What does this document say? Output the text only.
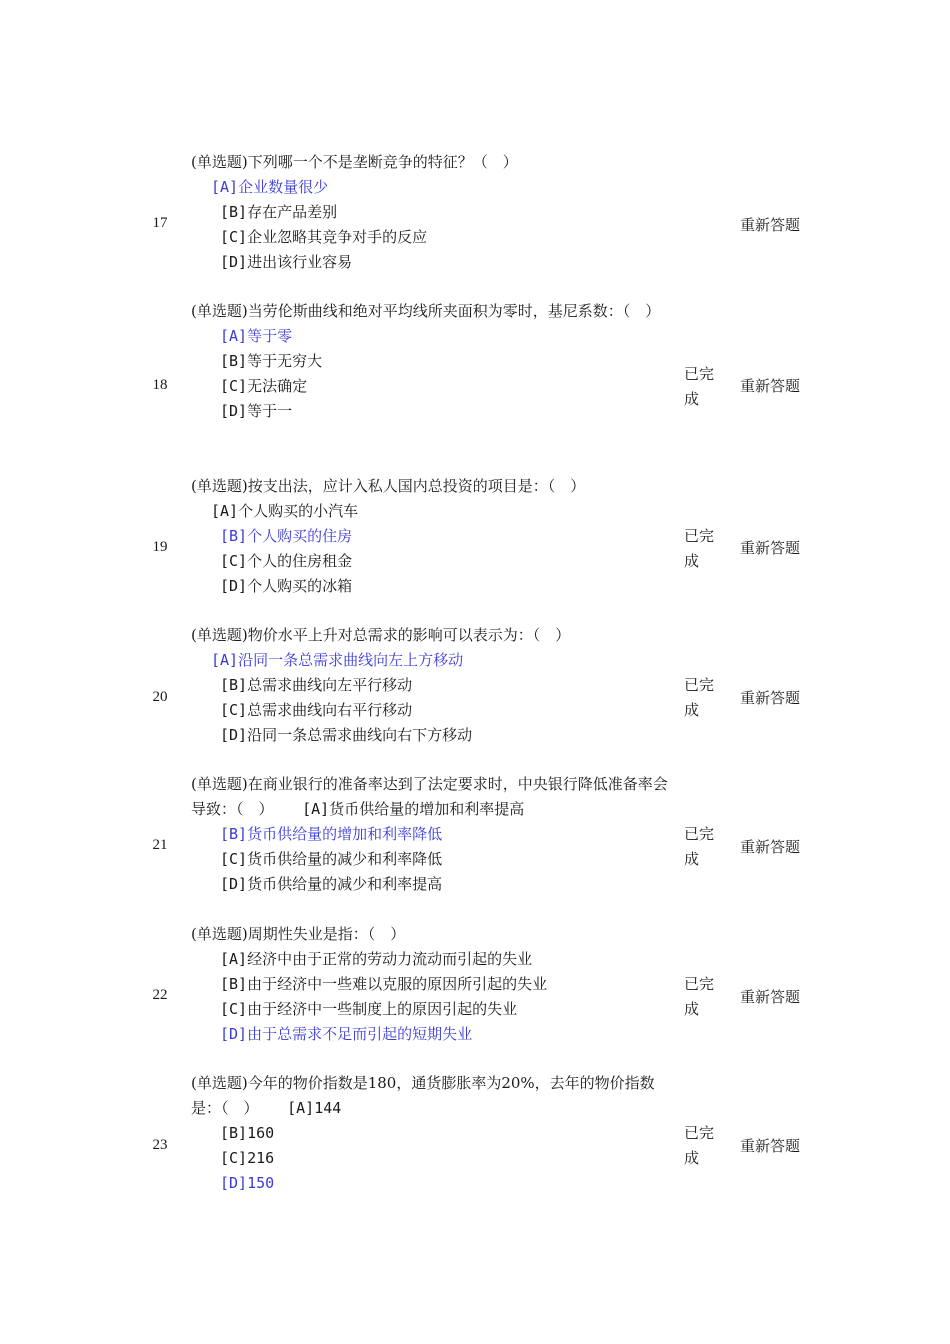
17

(单选题)下列哪一个不是垄断竞争的特征？（　）

[A]企业数量很少

[B]存在产品差别

[C]企业忽略其竞争对手的反应

[D]进出该行业容易

重新答题
18

(单选题)当劳伦斯曲线和绝对平均线所夹面积为零时，基尼系数：（　）

[A]等于零

[B]等于无穷大

[C]无法确定

[D]等于一

已完成
重新答题
19

(单选题)按支出法，应计入私人国内总投资的项目是：（　）

[A]个人购买的小汽车

[B]个人购买的住房

[C]个人的住房租金

[D]个人购买的冰箱

已完成
重新答题
20

(单选题)物价水平上升对总需求的影响可以表示为：（　）

[A]沿同一条总需求曲线向左上方移动

[B]总需求曲线向左平行移动

[C]总需求曲线向右平行移动

[D]沿同一条总需求曲线向右下方移动

已完成
重新答题
21

(单选题)在商业银行的准备率达到了法定要求时，中央银行降低准备率会导致：（　） [A]货币供给量的增加和利率提高

[B]货币供给量的增加和利率降低

[C]货币供给量的减少和利率降低

[D]货币供给量的减少和利率提高

已完成
重新答题
22

(单选题)周期性失业是指：（　）

[A]经济中由于正常的劳动力流动而引起的失业

[B]由于经济中一些难以克服的原因所引起的失业

[C]由于经济中一些制度上的原因引起的失业

[D]由于总需求不足而引起的短期失业

已完成
重新答题
23

(单选题)今年的物价指数是180，通货膨胀率为20%，去年的物价指数是：（　） [A]144

[B]160

[C]216

[D]150

已完成
重新答题
